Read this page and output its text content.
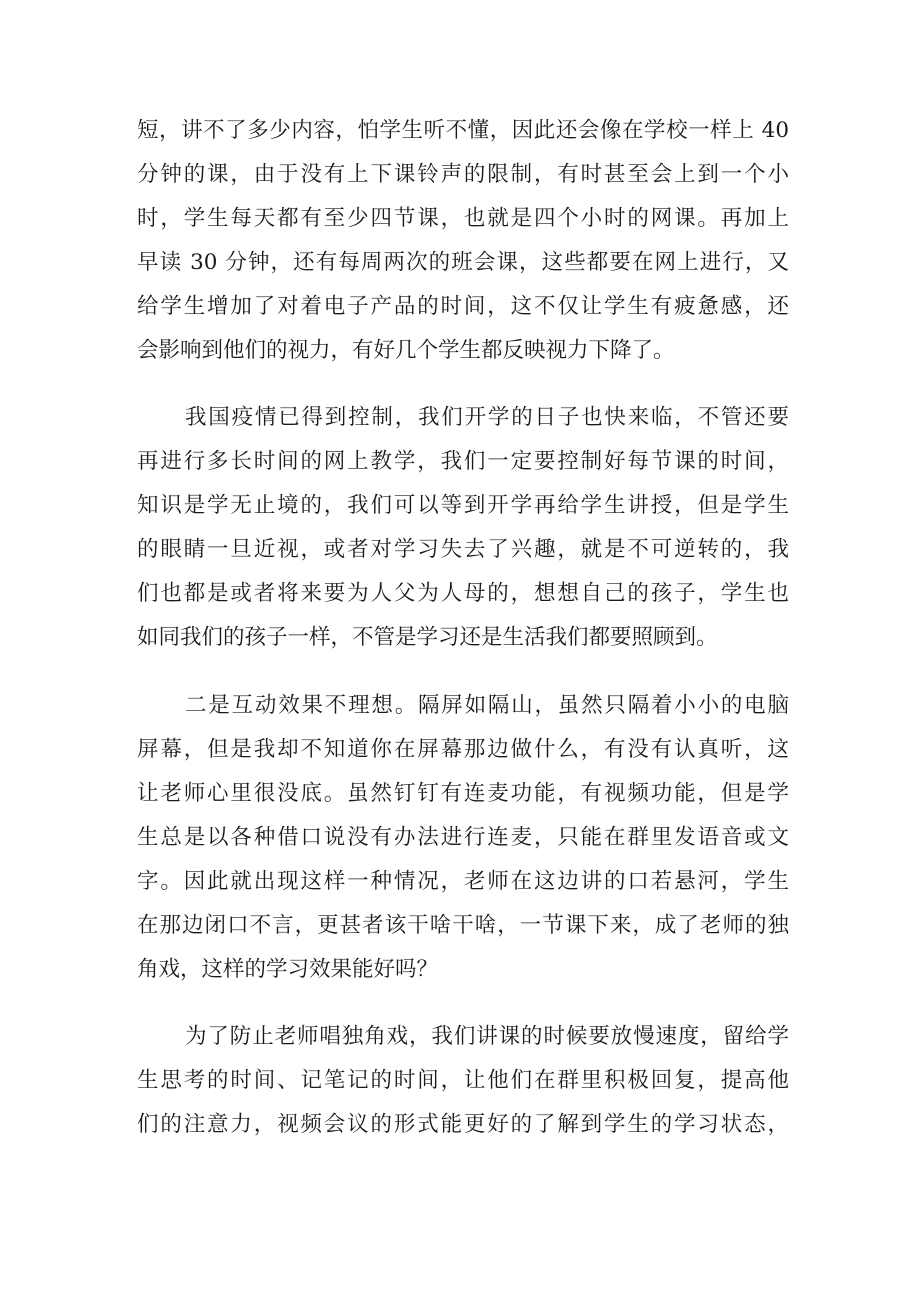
短，讲不了多少内容，怕学生听不懂，因此还会像在学校一样上 40
分钟的课，由于没有上下课铃声的限制，有时甚至会上到一个小
时，学生每天都有至少四节课，也就是四个小时的网课。再加上
早读 30 分钟，还有每周两次的班会课，这些都要在网上进行，又
给学生增加了对着电子产品的时间，这不仅让学生有疲惫感，还
会影响到他们的视力，有好几个学生都反映视力下降了。
我国疫情已得到控制，我们开学的日子也快来临，不管还要
再进行多长时间的网上教学，我们一定要控制好每节课的时间，
知识是学无止境的，我们可以等到开学再给学生讲授，但是学生
的眼睛一旦近视，或者对学习失去了兴趣，就是不可逆转的，我
们也都是或者将来要为人父为人母的，想想自己的孩子，学生也
如同我们的孩子一样，不管是学习还是生活我们都要照顾到。
二是互动效果不理想。隔屏如隔山，虽然只隔着小小的电脑
屏幕，但是我却不知道你在屏幕那边做什么，有没有认真听，这
让老师心里很没底。虽然钉钉有连麦功能，有视频功能，但是学
生总是以各种借口说没有办法进行连麦，只能在群里发语音或文
字。因此就出现这样一种情况，老师在这边讲的口若悬河，学生
在那边闭口不言，更甚者该干啥干啥，一节课下来，成了老师的独
角戏，这样的学习效果能好吗？
为了防止老师唱独角戏，我们讲课的时候要放慢速度，留给学
生思考的时间、记笔记的时间，让他们在群里积极回复，提高他
们的注意力，视频会议的形式能更好的了解到学生的学习状态，
